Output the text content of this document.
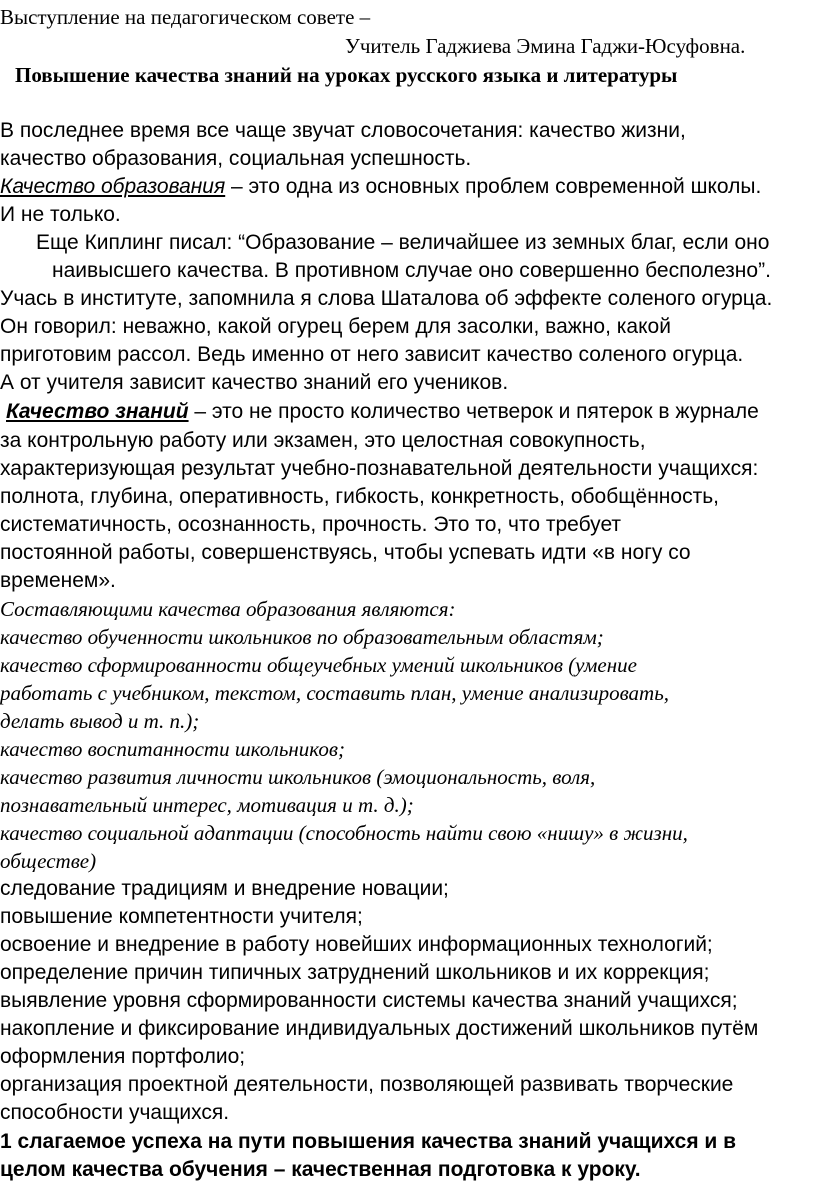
Выступление на педагогическом совете –
Учитель Гаджиева Эмина Гаджи-Юсуфовна.
Повышение качества знаний на уроках русского языка и литературы
В последнее время все чаще звучат словосочетания: качество жизни,
качество образования, социальная успешность.
Качество образования – это одна из основных проблем современной школы.
И не только.
Еще Киплинг писал: “Образование – величайшее из земных благ, если оно
наивысшего качества. В противном случае оно совершенно бесполезно”.
Учась в институте, запомнила я слова Шаталова об эффекте соленого огурца.
Он говорил: неважно, какой огурец берем для засолки, важно, какой
приготовим рассол. Ведь именно от него зависит качество соленого огурца.
А от учителя зависит качество знаний его учеников.
Качество знаний – это не просто количество четверок и пятерок в журнале
за контрольную работу или экзамен, это целостная совокупность,
характеризующая результат учебно-познавательной деятельности учащихся:
полнота, глубина, оперативность, гибкость, конкретность, обобщённость,
систематичность, осознанность, прочность. Это то, что требует
постоянной работы, совершенствуясь, чтобы успевать идти «в ногу со
временем».
Составляющими качества образования являются:
качество обученности школьников по образовательным областям;
качество сформированности общеучебных умений школьников (умение
работать с учебником, текстом, составить план, умение анализировать,
делать вывод и т. п.);
качество воспитанности школьников;
качество развития личности школьников (эмоциональность, воля,
познавательный интерес, мотивация и т. д.);
качество социальной адаптации (способность найти свою «нишу» в жизни,
обществе)
следование традициям и внедрение новации;
повышение компетентности учителя;
освоение и внедрение в работу новейших информационных технологий;
определение причин типичных затруднений школьников и их коррекция;
выявление уровня сформированности системы качества знаний учащихся;
накопление и фиксирование индивидуальных достижений школьников путём
оформления портфолио;
организация проектной деятельности, позволяющей развивать творческие
способности учащихся.
1 слагаемое успеха на пути повышения качества знаний учащихся и в
целом качества обучения – качественная подготовка к уроку.
